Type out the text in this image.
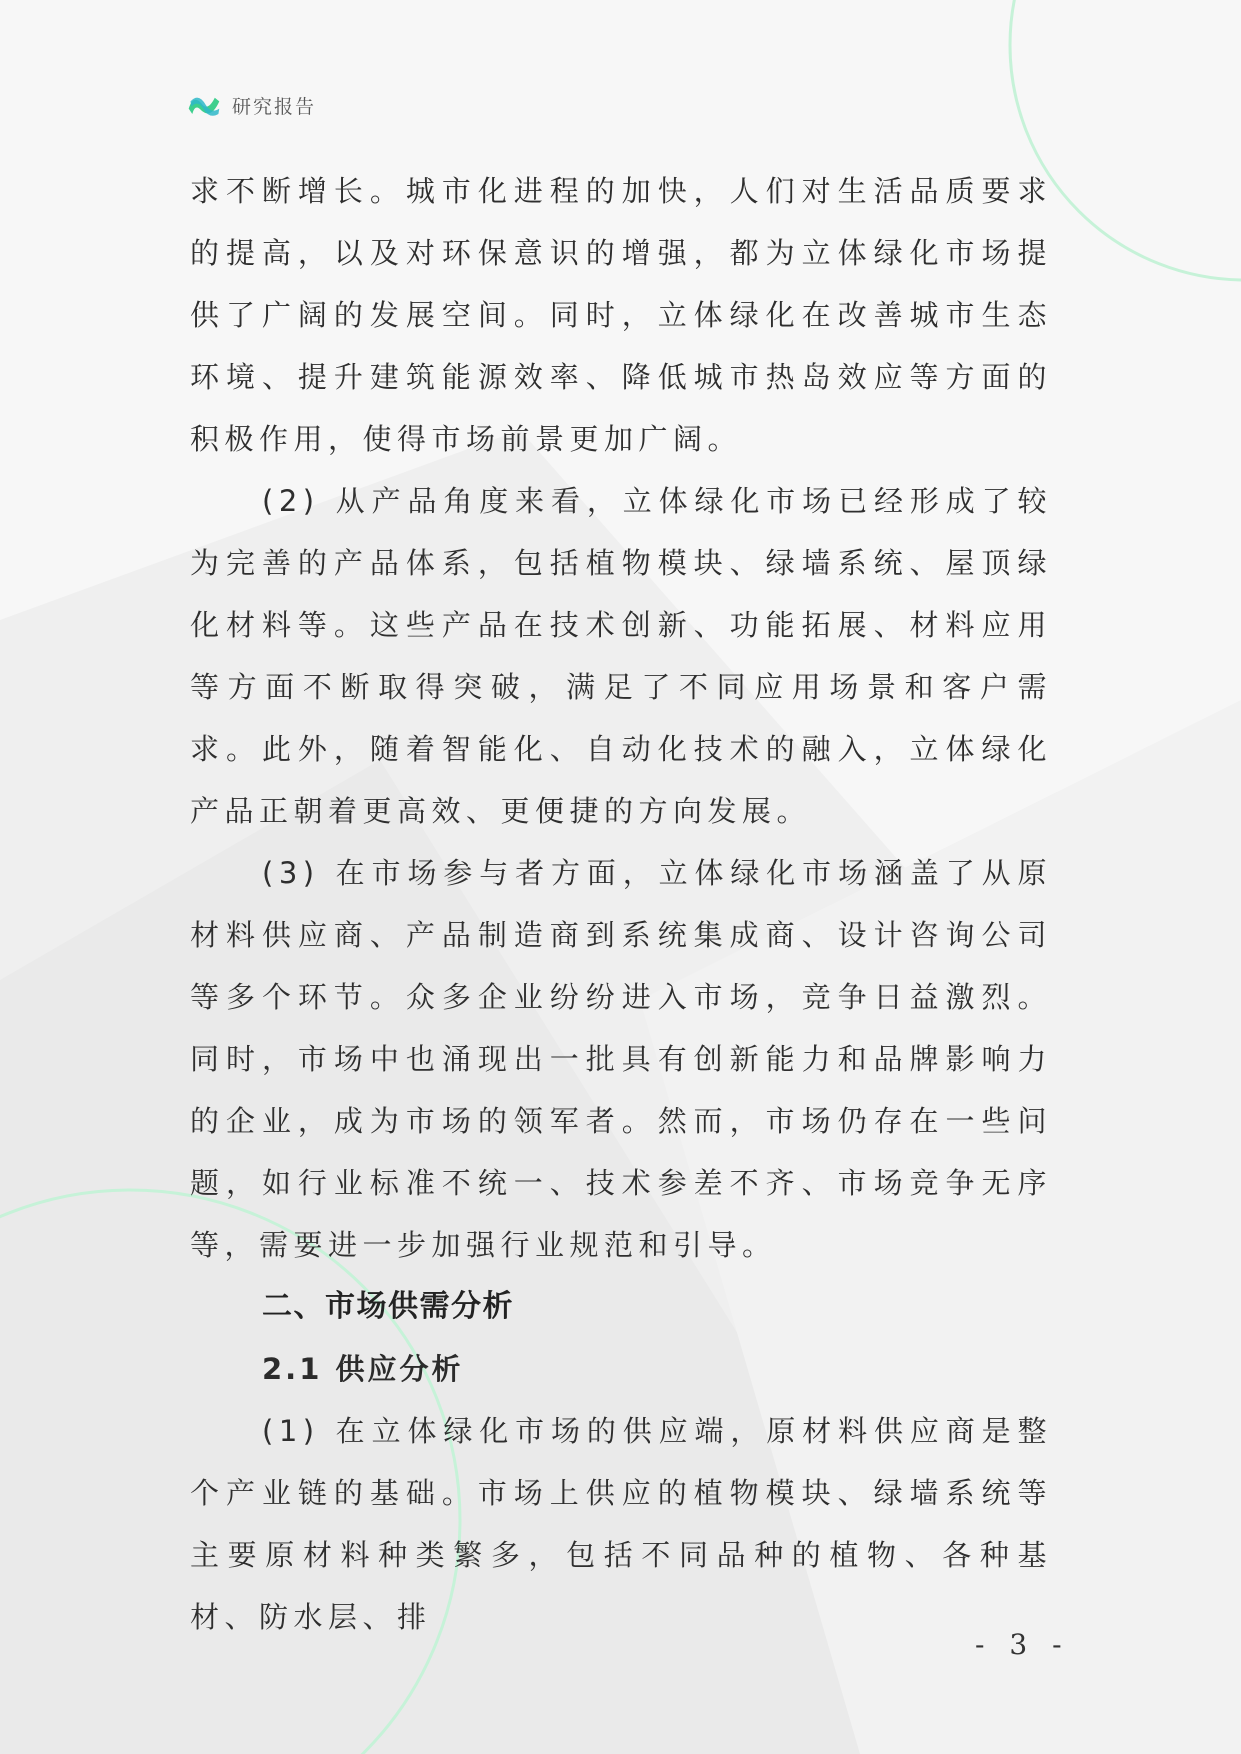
研究报告

求不断增长。城市化进程的加快，人们对生活品质要求的提高，以及对环保意识的增强，都为立体绿化市场提供了广阔的发展空间。同时，立体绿化在改善城市生态环境、提升建筑能源效率、降低城市热岛效应等方面的积极作用，使得市场前景更加广阔。

(2) 从产品角度来看，立体绿化市场已经形成了较为完善的产品体系，包括植物模块、绿墙系统、屋顶绿化材料等。这些产品在技术创新、功能拓展、材料应用等方面不断取得突破，满足了不同应用场景和客户需求。此外，随着智能化、自动化技术的融入，立体绿化产品正朝着更高效、更便捷的方向发展。

(3) 在市场参与者方面，立体绿化市场涵盖了从原材料供应商、产品制造商到系统集成商、设计咨询公司等多个环节。众多企业纷纷进入市场，竞争日益激烈。同时，市场中也涌现出一批具有创新能力和品牌影响力的企业，成为市场的领军者。然而，市场仍存在一些问题，如行业标准不统一、技术参差不齐、市场竞争无序等，需要进一步加强行业规范和引导。

二、市场供需分析
2.1 供应分析

(1) 在立体绿化市场的供应端，原材料供应商是整个产业链的基础。市场上供应的植物模块、绿墙系统等主要原材料种类繁多，包括不同品种的植物、各种基材、防水层、排

- 3 -
